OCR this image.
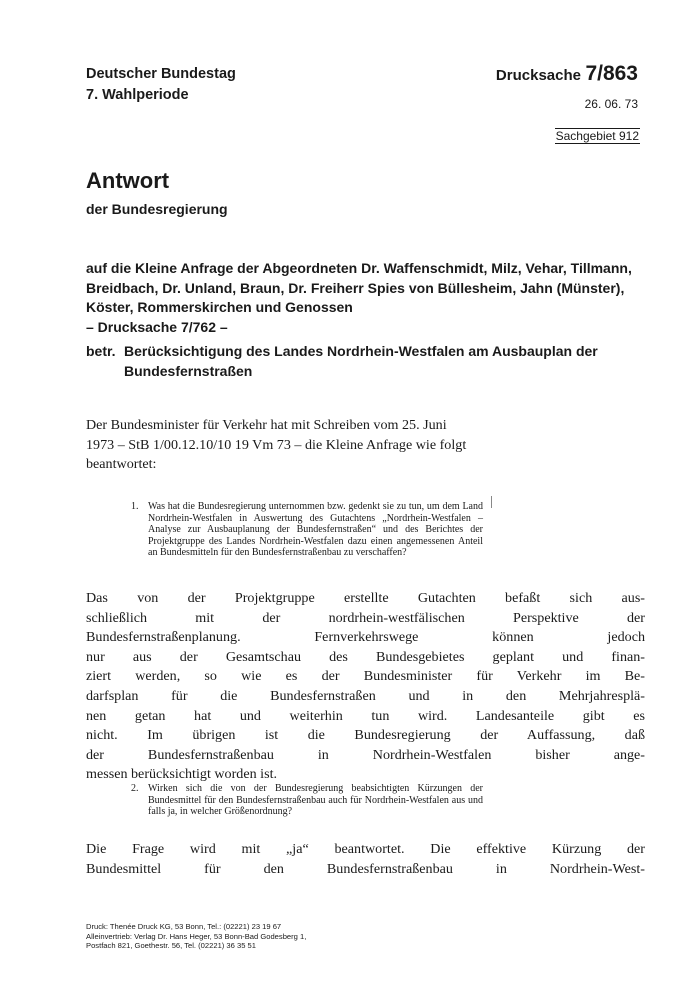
Deutscher Bundestag
7. Wahlperiode
Drucksache 7/863
26. 06. 73
Sachgebiet 912
Antwort
der Bundesregierung
auf die Kleine Anfrage der Abgeordneten Dr. Waffenschmidt, Milz, Vehar, Tillmann,
Breidbach, Dr. Unland, Braun, Dr. Freiherr Spies von Büllesheim, Jahn (Münster),
Köster, Rommerskirchen und Genossen
– Drucksache 7/762 –
betr. Berücksichtigung des Landes Nordrhein-Westfalen am Ausbauplan der
Bundesfernstraßen
Der Bundesminister für Verkehr hat mit Schreiben vom 25. Juni
1973 – StB 1/00.12.10/10 19 Vm 73 – die Kleine Anfrage wie folgt
beantwortet:
1. Was hat die Bundesregierung unternommen bzw. gedenkt sie zu tun, um dem Land Nordrhein-Westfalen in Auswertung des Gutachtens „Nordrhein-Westfalen – Analyse zur Ausbauplanung der Bundesfernstraßen“ und des Berichtes der Projektgruppe des Landes Nordrhein-Westfalen dazu einen angemessenen Anteil an Bundesmitteln für den Bundesfernstraßenbau zu verschaffen?
Das von der Projektgruppe erstellte Gutachten befaßt sich aus-
schließlich mit der nordrhein-westfälischen Perspektive der
Bundesfernstraßenplanung. Fernverkehrswege können jedoch
nur aus der Gesamtschau des Bundesgebietes geplant und finan-
ziert werden, so wie es der Bundesminister für Verkehr im Be-
darfsplan für die Bundesfernstraßen und in den Mehrjahresplä-
nen getan hat und weiterhin tun wird. Landesanteile gibt es
nicht. Im übrigen ist die Bundesregierung der Auffassung, daß
der Bundesfernstraßenbau in Nordrhein-Westfalen bisher ange-
messen berücksichtigt worden ist.
2. Wirken sich die von der Bundesregierung beabsichtigten Kürzungen der Bundesmittel für den Bundesfernstraßenbau auch für Nordrhein-Westfalen aus und falls ja, in welcher Größenordnung?
Die Frage wird mit „ja“ beantwortet. Die effektive Kürzung der
Bundesmittel für den Bundesfernstraßenbau in Nordrhein-West-
Druck: Thenée Druck KG, 53 Bonn, Tel.: (02221) 23 19 67
Alleinvertrieb: Verlag Dr. Hans Heger, 53 Bonn-Bad Godesberg 1,
Postfach 821, Goethestr. 56, Tel. (02221) 36 35 51
